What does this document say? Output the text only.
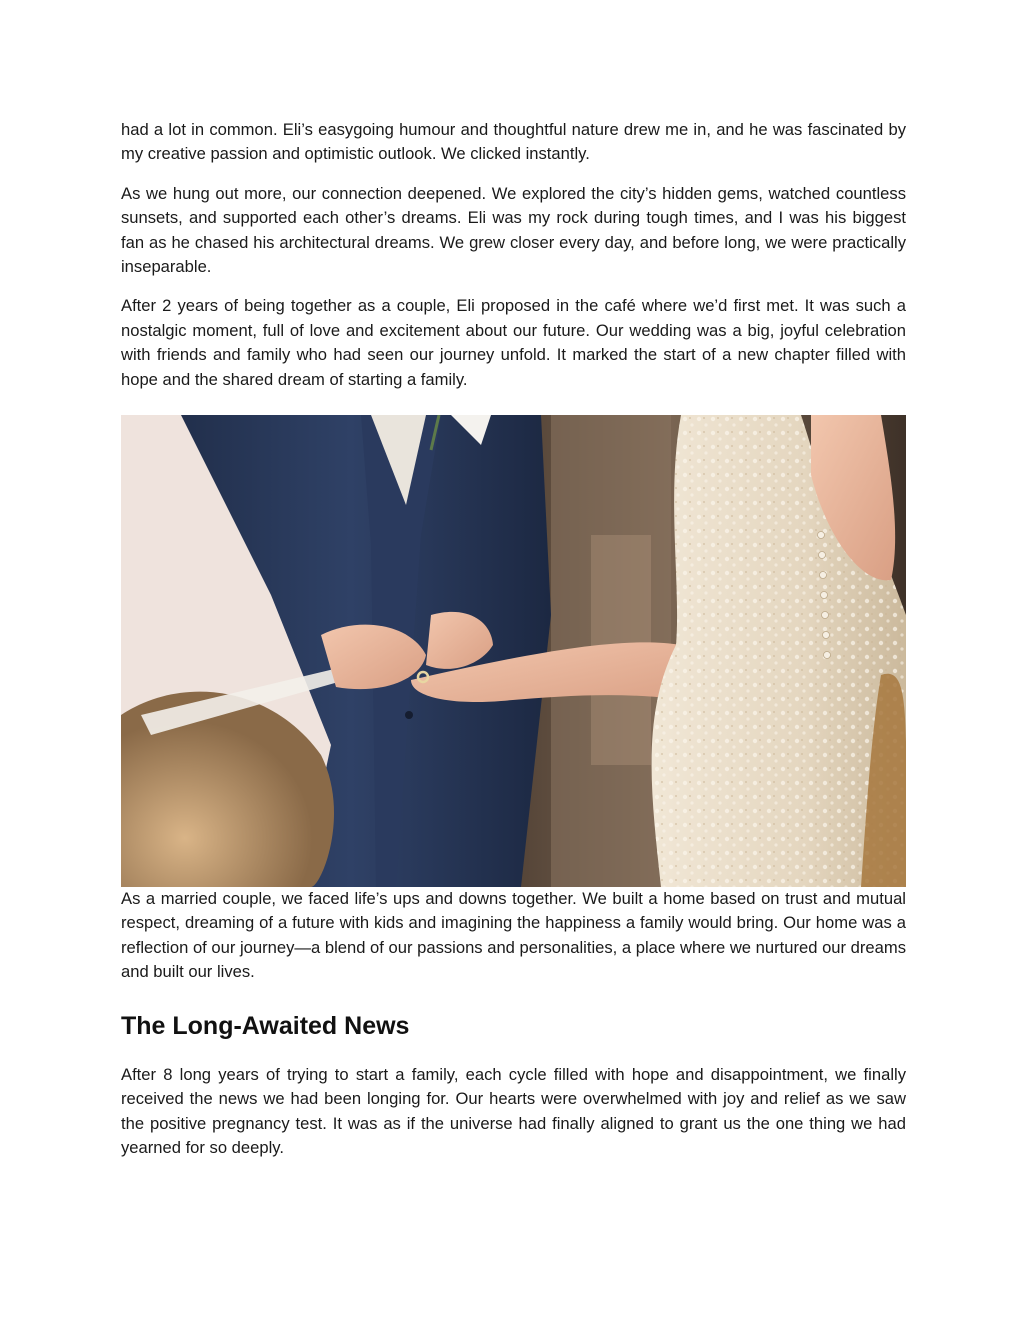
had a lot in common. Eli’s easygoing humour and thoughtful nature drew me in, and he was fascinated by my creative passion and optimistic outlook. We clicked instantly.

As we hung out more, our connection deepened. We explored the city’s hidden gems, watched countless sunsets, and supported each other’s dreams. Eli was my rock during tough times, and I was his biggest fan as he chased his architectural dreams. We grew closer every day, and before long, we were practically inseparable.

After 2 years of being together as a couple, Eli proposed in the café where we’d first met. It was such a nostalgic moment, full of love and excitement about our future. Our wedding was a big, joyful celebration with friends and family who had seen our journey unfold. It marked the start of a new chapter filled with hope and the shared dream of starting a family.

As a married couple, we faced life’s ups and downs together. We built a home based on trust and mutual respect, dreaming of a future with kids and imagining the happiness a family would bring. Our home was a reflection of our journey—a blend of our passions and personalities, a place where we nurtured our dreams and built our lives.

The Long-Awaited News

After 8 long years of trying to start a family, each cycle filled with hope and disappointment, we finally received the news we had been longing for. Our hearts were overwhelmed with joy and relief as we saw the positive pregnancy test. It was as if the universe had finally aligned to grant us the one thing we had yearned for so deeply.
